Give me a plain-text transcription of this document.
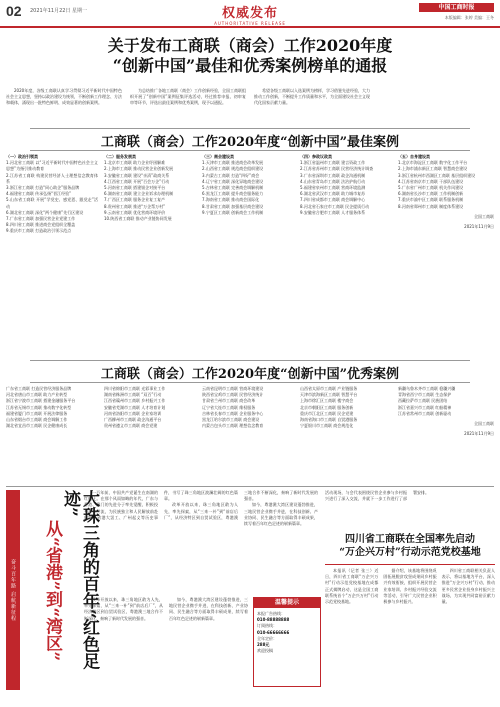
02 2021年11月22日 星期一	权威发布
AUTHORITATIVE RELEASE
中国工商时报
本版编辑：张婷 美编：王冬
关于发布工商联（商会）工作2020年度
“创新中国”最佳和优秀案例榜单的通报

2020年度，各级工商联认真学习贯彻习近平新时代中国特色社会主义思想，坚持以政治建设为统领，不断创新工作理念、方法和载体，涌现出一批特色鲜明、成效显著的创新案例。

为总结推广各地工商联（商会）工作创新经验，全国工商联组织开展了“创新中国”案例征集评选活动，经过推荐申报、初审复审等环节，评选出最佳案例和优秀案例，现予以通报。

希望各级工商联以入选案例为榜样，学习借鉴先进经验，大力推动工作创新，不断提升工作质量和水平，为全面建设社会主义现代化国家贡献力量。

工商联（商会）工作2020年度“创新中国”最佳案例

（一）政治引领类

1.河北省工商联 以“习近平新时代中国特色社会主义思想”为指引推动教育

2.江苏省工商联 构建民营经济人士理想信念教育体系

3.浙江省工商联 打造“同心助企”服务品牌

4.福建省工商联 传承弘扬“晋江经验”

5.山东省工商联 开展“学党史、感党恩、跟党走”活动

6.湖北省工商联 深化“两个健康”先行区建设

7.广东省工商联 加强民营企业党建工作

8.四川省工商联 推进商会党组织全覆盖

9.重庆市工商联 打造政治引领示范点

（二）服务发展类

1.北京市工商联 助力企业纾困解难

2.上海市工商联 推动民营企业创新发展

3.安徽省工商联 建设“亲清”政商关系

4.江西省工商联 开展“百会万企”行动

5.河南省工商联 搭建银企对接平台

6.湖南省工商联 建立企业诉求办理机制

7.广西区工商联 服务企业复工复产

8.贵州省工商联 推进“万企帮万村”

9.云南省工商联 优化营商环境评价

10.陕西省工商联 推动产业链协同发展

（三）商会建设类

1.天津市工商联 推进商会改革发展

2.山西省工商联 规范商会组织建设

3.内蒙古工商联 打造“四好”商会

4.辽宁省工商联 深化异地商会建设

5.吉林省工商联 完善商会调解机制

6.黑龙江工商联 提升商会服务能力

7.海南省工商联 推动商会国际化

8.甘肃省工商联 加强基层商会建设

9.宁夏区工商联 创新商会工作机制

（四）参政议政类

1.浙江省温州市工商联 建言资政工作

2.江苏省苏州市工商联 民营经济统计调查

3.广东省深圳市工商联 政企沟通机制

4.山东省青岛市工商联 法治护航行动

5.福建省泉州市工商联 营商环境监测

6.湖北省武汉市工商联 助力城市复苏

7.四川省成都市工商联 商会调解中心

8.河北省石家庄市工商联 民企提质行动

9.安徽省合肥市工商联 人才服务体系

（五）自身建设类

1.北京市海淀区工商联 数字化工作平台

2.上海市浦东新区工商联 智慧商会建设

3.浙江省杭州市西湖区工商联 基层组织建设

4.江苏省南京市工商联 干部队伍建设

5.广东省广州市工商联 机关作风建设

6.湖南省长沙市工商联 工作机制创新

7.重庆市渝中区工商联 联系服务机制

8.河南省郑州市工商联 制度体系建设

全国工商联

2021年11月9日

工商联（商会）工作2020年度“创新中国”优秀案例

广东省工商联 打造民营经济服务品牌

河北省唐山市工商联 助力产业转型

浙江省宁波市工商联 搭建金融服务平台

江苏省无锡市工商联 推动数字化转型

福建省厦门市工商联 开展法律服务

山东省烟台市工商联 商会调解工作

湖北省宜昌市工商联 民企健康成长

四川省绵阳市工商联 光彩事业工作

湖南省株洲市工商联 “双百”行动

江西省赣州市工商联 乡村振兴工作

安徽省芜湖市工商联 人才培育计划

河南省洛阳市工商联 企业家培训

广西柳州市工商联 政企沟通平台

贵州省遵义市工商联 商会党建

云南省昆明市工商联 营商环境建设

陕西省宝鸡市工商联 民营经济统计

甘肃省兰州市工商联 商会改革

辽宁省大连市工商联 维权服务

吉林省长春市工商联 企业服务中心

黑龙江哈尔滨市工商联 商会建设

内蒙古包头市工商联 理想信念教育

山西省太原市工商联 产业链服务

天津市滨海新区工商联 智慧平台

上海市徐汇区工商联 楼宇商会

北京市朝阳区工商联 服务创新

重庆市江北区工商联 民企党建

海南省海口市工商联 自贸港服务

宁夏银川市工商联 商会规范化

新疆乌鲁木齐市工商联 稳疆兴疆

青海省西宁市工商联 生态保护

西藏拉萨市工商联 民族团结

浙江省嘉兴市工商联 红船精神

江苏省常州市工商联 创新驱动

全国工商联

2021年11月9日

奋斗百年路 启航新征程	大珠三角的百年“红色足迹”
从“省港”到“湾区”

一百年前，中国共产党诞生在南湖的红船上。在那个风雨如晦的年代，广东与香港、澳门的先进分子率先觉醒，积极投身革命洪流，为民族独立和人民解放前赴后继。省港大罢工、广州起义等历史事件，书写了珠三角地区波澜壮阔的红色篇章。

改革开放以来，珠三角地区敢为人先，率先探索，从“三来一补”到“前店后厂”，从经济特区到自贸试验区，粤港澳三地合作不断深化，奏响了新时代发展的强音。

如今，粤港澳大湾区建设蓬勃推进，三地民营企业携手并进，在科技创新、产业协同、民生融合等方面取得丰硕成果，续写着百年红色足迹的崭新篇章。

改革开放以来，珠三角地区敢为人先，率先探索，从“三来一补”到“前店后厂”，从经济特区到自贸试验区，粤港澳三地合作不断深化，奏响了新时代发展的强音。

如今，粤港澳大湾区建设蓬勃推进，三地民营企业携手并进，在科技创新、产业协同、民生融合等方面取得丰硕成果，续写着百年红色足迹的崭新篇章。

温馨提示

本报广告热线：

010-88888888

订阅热线：

010-66666666

全年定价：

288元

欢迎投稿

活动现场，与会代表围绕民营企业参与乡村振兴进行了深入交流，并就下一步工作进行了部署安排。

四川省工商联在全国率先启动
“万企兴万村”行动示范党校基地

本报讯（记者 张三）近日，四川省工商联“万企兴万村”行动示范党校基地在成都正式揭牌启动，这是全国工商联系统首个“万企兴万村”行动示范党校基地。

据介绍，该基地将围绕巩固拓展脱贫攻坚成果同乡村振兴有效衔接，组织开展民营企业家培训、乡村振兴经验交流等活动，引导广大民营企业积极参与乡村振兴。

四川省工商联相关负责人表示，将以基地为平台，深入推进“万企兴万村”行动，推动更多民营企业投身乡村振兴主战场，为实现共同富裕贡献力量。
